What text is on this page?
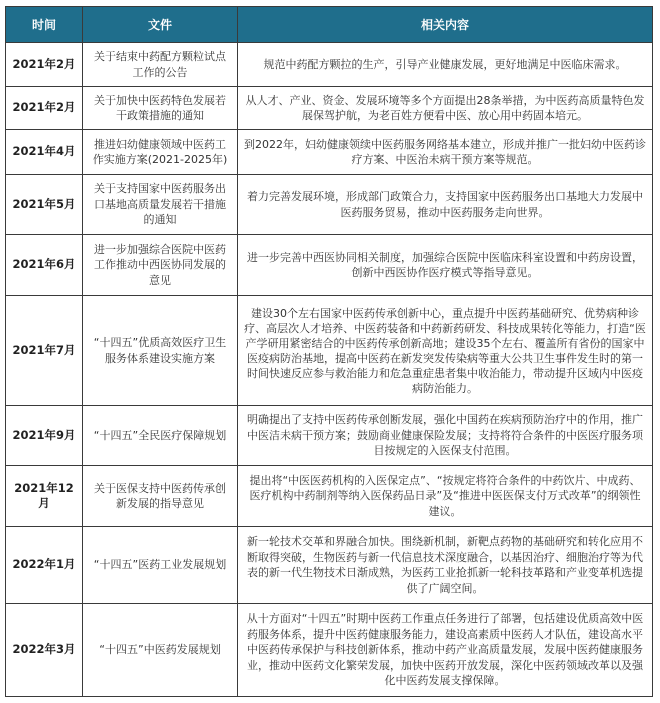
时间	文件	相关内容
2021年2月	关于结束中药配方颗粒试点工作的公告	规范中药配方颗拉的生产，引导产业健康发展，更好地满足中医临床需求。
2021年2月	关于加快中医药特色发展若干政策措施的通知	从人才、产业、资金、发展环境等多个方面提出28条举措，为中医药高质量特色发展保驾护航，为老百姓方便看中医、放心用中药固本培元。
2021年4月	推进妇幼健康领域中医药工作实施方案(2021-2025年)	到2022年，妇幼健康领续中医药服务网络基本建立，形成并推广一批妇幼中医药诊疗方案、中医治未病干预方案等规范。
2021年5月	关于支持国家中医药服务出口基地高质量发展若干措施的通知	着力完善发展环境，形成部门政策合力，支持国家中医药服务出口基地大力发展中医药服务贸易，推动中医药服务走向世界。
2021年6月	进一步加强综合医院中医药工作推动中西医协同发展的意见	进一步完善中西医协同相关制度，加强综合医院中医临床科室设置和中药房设置，创新中西医协作医疗模式等指导意见。
2021年7月	“十四五”优质高效医疗卫生服务体系建设实施方案	建设30个左右国家中医药传承创新中心，重点提升中医药基础研究、优势病种诊疗、高层次人才培养、中医药装备和中药新药研发、科技成果转化等能力，打造“医产学研用紧密结合的中医药传承创新高地；建设35个左右、覆盖所有省份的国家中医疫病防治基地，提高中医药在新发突发传染病等重大公共卫生事件发生时的第一时间快速反应参与救治能力和危急重症患者集中收治能力，带动提升区域内中医疫病防治能力。
2021年9月	“十四五”全民医疗保障规划	明确提出了支持中医药传承创断发展，强化中国药在疾病预防治疗中的作用，推广中医洁未病干预方案；鼓励商业健康保险发展；支持将符合条件的中医医疗服务项目按规定的入医保支付范围。
2021年12月	关于医保支持中医药传承创新发展的指导意见	提出将“中医医药机构的入医保定点”、“按规定将符合条件的中药饮片、中成药、医疗机构中药制剂等纳入医保药品日录”及“推进中医医保支付万式改革”的纲领性建议。
2022年1月	“十四五”医药工业发展规划	新一轮技术交革和界融合加快。围绕新机制，新靶点药物的基础研究和转化应用不断取得突破，生物医药与新一代信息技术深度融合，以基因治疗、细胞治疗等为代表的新一代生物技术日渐成熟，为医药工业抢抓新一轮科技革路和产业变革机选提供了广阔空间。
2022年3月	“十四五”中医药发展规划	从十方面对“十四五”时期中医药工作重点任务进行了部署，包括建设优质高效中医药服务体系，提升中医药健康服务能力，建设高素质中医药人才队伍，建设高水平中医药传承保护与科技创新体系，推动中药产业高质量发展，发展中医药健康服务业，推动中医药文化繁荣发展，加快中医药开放发展，深化中医药领域改革以及强化中医药发展支撑保障。
